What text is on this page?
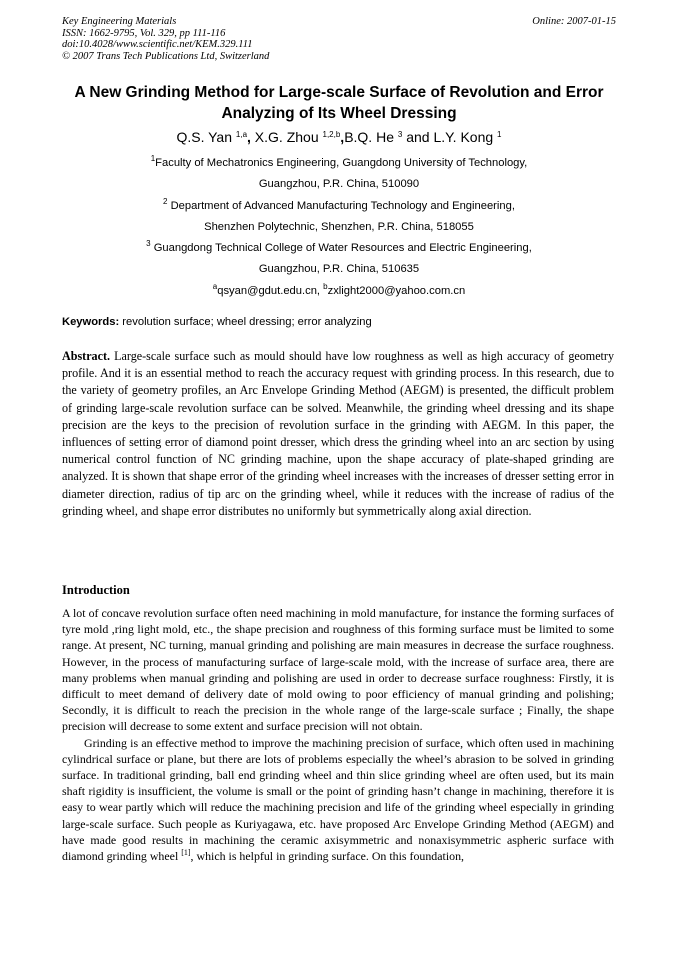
Key Engineering Materials
ISSN: 1662-9795, Vol. 329, pp 111-116
doi:10.4028/www.scientific.net/KEM.329.111
© 2007 Trans Tech Publications Ltd, Switzerland
Online: 2007-01-15
A New Grinding Method for Large-scale Surface of Revolution and Error
Analyzing of Its Wheel Dressing
Q.S. Yan $^{1,a}$, X.G. Zhou $^{1,2,b}$,B.Q. He $^3$ and L.Y. Kong $^1$
$^1$Faculty of Mechatronics Engineering, Guangdong University of Technology,
Guangzhou, P.R. China, 510090
$^2$ Department of Advanced Manufacturing Technology and Engineering,
Shenzhen Polytechnic, Shenzhen, P.R. China, 518055
$^3$ Guangdong Technical College of Water Resources and Electric Engineering,
Guangzhou, P.R. China, 510635
$^a$qsyan@gdut.edu.cn, $^b$zxlight2000@yahoo.com.cn
Keywords: revolution surface; wheel dressing; error analyzing
Abstract. Large-scale surface such as mould should have low roughness as well as high accuracy of geometry profile. And it is an essential method to reach the accuracy request with grinding process. In this research, due to the variety of geometry profiles, an Arc Envelope Grinding Method (AEGM) is presented, the difficult problem of grinding large-scale revolution surface can be solved. Meanwhile, the grinding wheel dressing and its shape precision are the keys to the precision of revolution surface in the grinding with AEGM. In this paper, the influences of setting error of diamond point dresser, which dress the grinding wheel into an arc section by using numerical control function of NC grinding machine, upon the shape accuracy of plate-shaped grinding are analyzed. It is shown that shape error of the grinding wheel increases with the increases of dresser setting error in diameter direction, radius of tip arc on the grinding wheel, while it reduces with the increase of radius of the grinding wheel, and shape error distributes no uniformly but symmetrically along axial direction.
Introduction

A lot of concave revolution surface often need machining in mold manufacture, for instance the forming surfaces of tyre mold ,ring light mold, etc., the shape precision and roughness of this forming surface must be limited to some range. At present, NC turning, manual grinding and polishing are main measures in decrease the surface roughness. However, in the process of manufacturing surface of large-scale mold, with the increase of surface area, there are many problems when manual grinding and polishing are used in order to decrease surface roughness: Firstly, it is difficult to meet demand of delivery date of mold owing to poor efficiency of manual grinding and polishing; Secondly, it is difficult to reach the precision in the whole range of the large-scale surface ; Finally, the shape precision will decrease to some extent and surface precision will not obtain.

Grinding is an effective method to improve the machining precision of surface, which often used in machining cylindrical surface or plane, but there are lots of problems especially the wheel’s abrasion to be solved in grinding surface. In traditional grinding, ball end grinding wheel and thin slice grinding wheel are often used, but its main shaft rigidity is insufficient, the volume is small or the point of grinding hasn’t change in machining, therefore it is easy to wear partly which will reduce the machining precision and life of the grinding wheel especially in grinding large-scale surface. Such people as Kuriyagawa, etc. have proposed Arc Envelope Grinding Method (AEGM) and have made good results in machining the ceramic axisymmetric and nonaxisymmetric aspheric surface with diamond grinding wheel [1], which is helpful in grinding surface. On this foundation,
